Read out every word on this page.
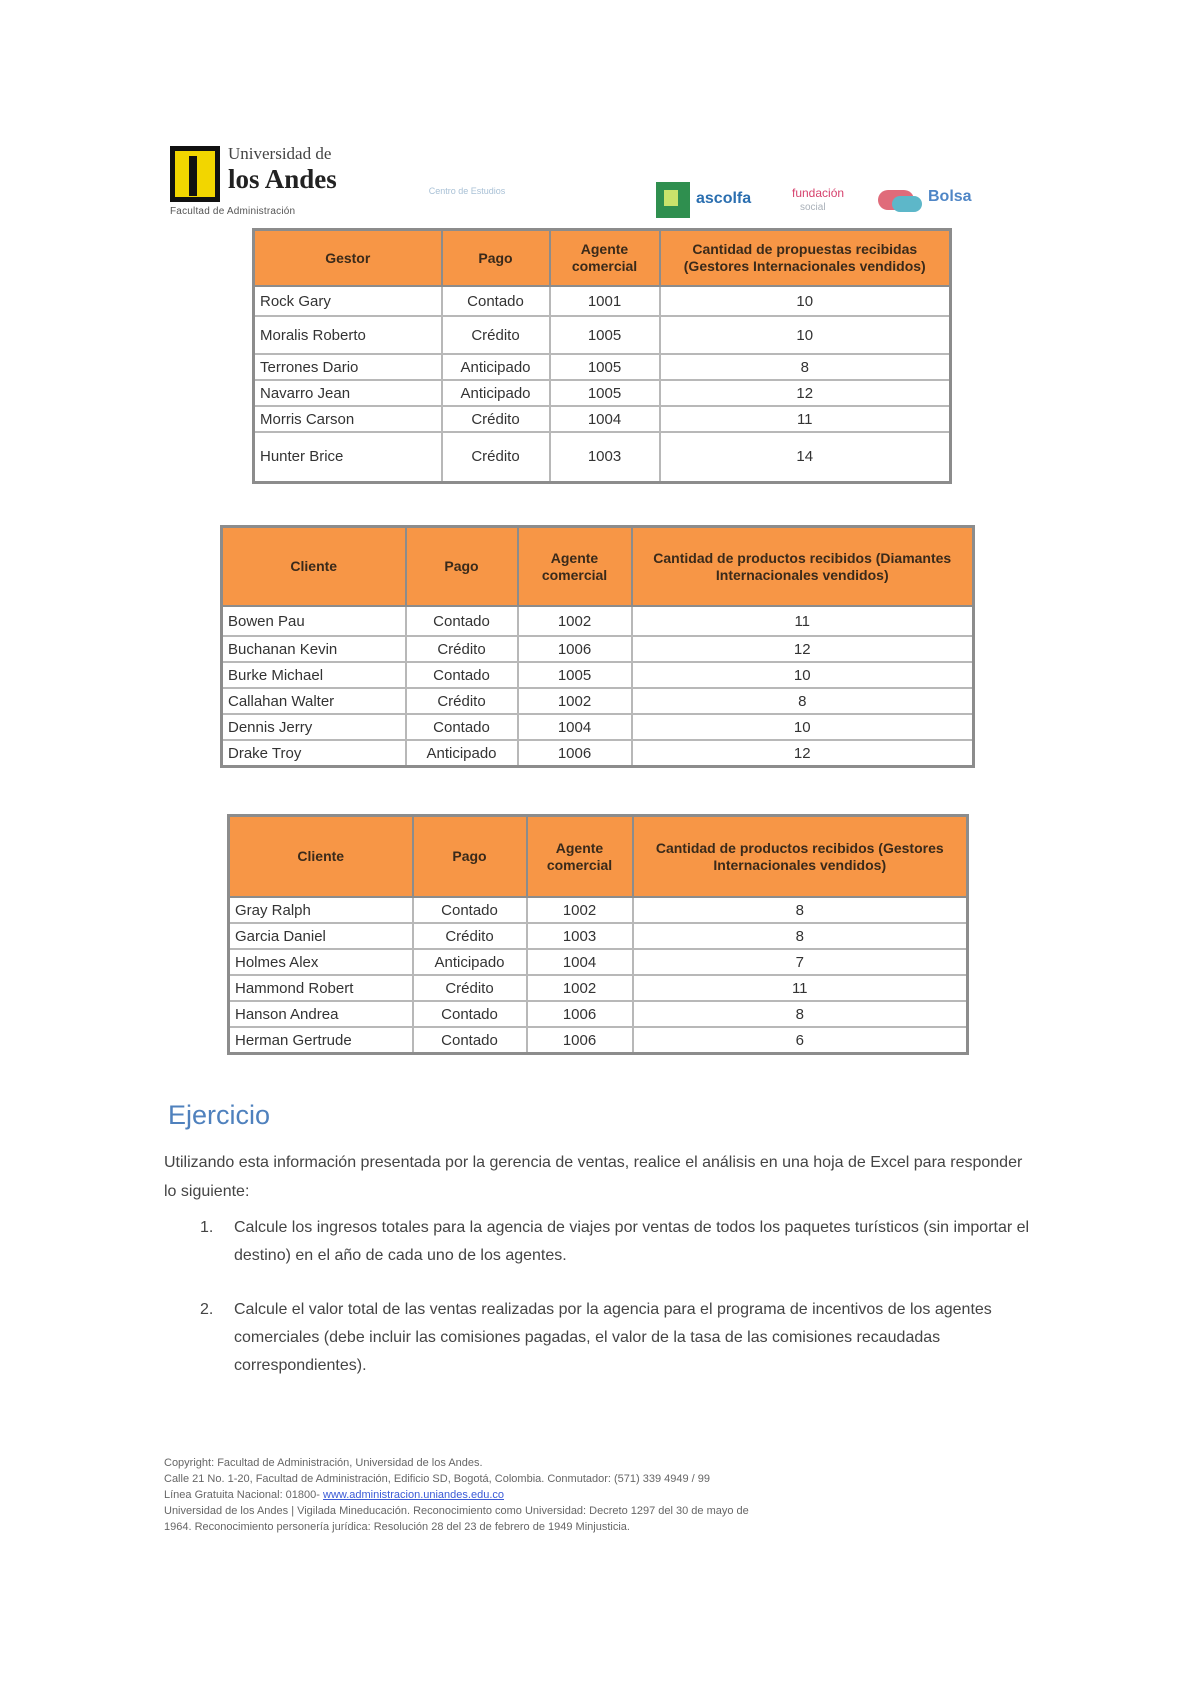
Universidad de
los Andes
Facultad de Administración
Centro de Estudios	ascolfa	fundación
social
Bolsa
Gestor	Pago	Agente comercial	Cantidad de propuestas recibidas (Gestores Internacionales vendidos)
Rock Gary	Contado	1001	10
Moralis Roberto	Crédito	1005	10
Terrones Dario	Anticipado	1005	8
Navarro Jean	Anticipado	1005	12
Morris Carson	Crédito	1004	11
Hunter Brice	Crédito	1003	14
Cliente	Pago	Agente comercial	Cantidad de productos recibidos (Diamantes Internacionales vendidos)
Bowen Pau	Contado	1002	11
Buchanan Kevin	Crédito	1006	12
Burke Michael	Contado	1005	10
Callahan Walter	Crédito	1002	8
Dennis Jerry	Contado	1004	10
Drake Troy	Anticipado	1006	12
Cliente	Pago	Agente comercial	Cantidad de productos recibidos (Gestores Internacionales vendidos)
Gray Ralph	Contado	1002	8
Garcia Daniel	Crédito	1003	8
Holmes Alex	Anticipado	1004	7
Hammond Robert	Crédito	1002	11
Hanson Andrea	Contado	1006	8
Herman Gertrude	Contado	1006	6
Ejercicio
Utilizando esta información presentada por la gerencia de ventas, realice el análisis en una hoja de Excel para responder lo siguiente:
1. Calcule los ingresos totales para la agencia de viajes por ventas de todos los paquetes turísticos (sin importar el destino) en el año de cada uno de los agentes.
2. Calcule el valor total de las ventas realizadas por la agencia para el programa de incentivos de los agentes comerciales (debe incluir las comisiones pagadas, el valor de la tasa de las comisiones recaudadas correspondientes).
Copyright: Facultad de Administración, Universidad de los Andes.
Calle 21 No. 1-20, Facultad de Administración, Edificio SD, Bogotá, Colombia. Conmutador: (571) 339 4949 / 99
Línea Gratuita Nacional: 01800- www.administracion.uniandes.edu.co
Universidad de los Andes | Vigilada Mineducación. Reconocimiento como Universidad: Decreto 1297 del 30 de mayo de
1964. Reconocimiento personería jurídica: Resolución 28 del 23 de febrero de 1949 Minjusticia.
